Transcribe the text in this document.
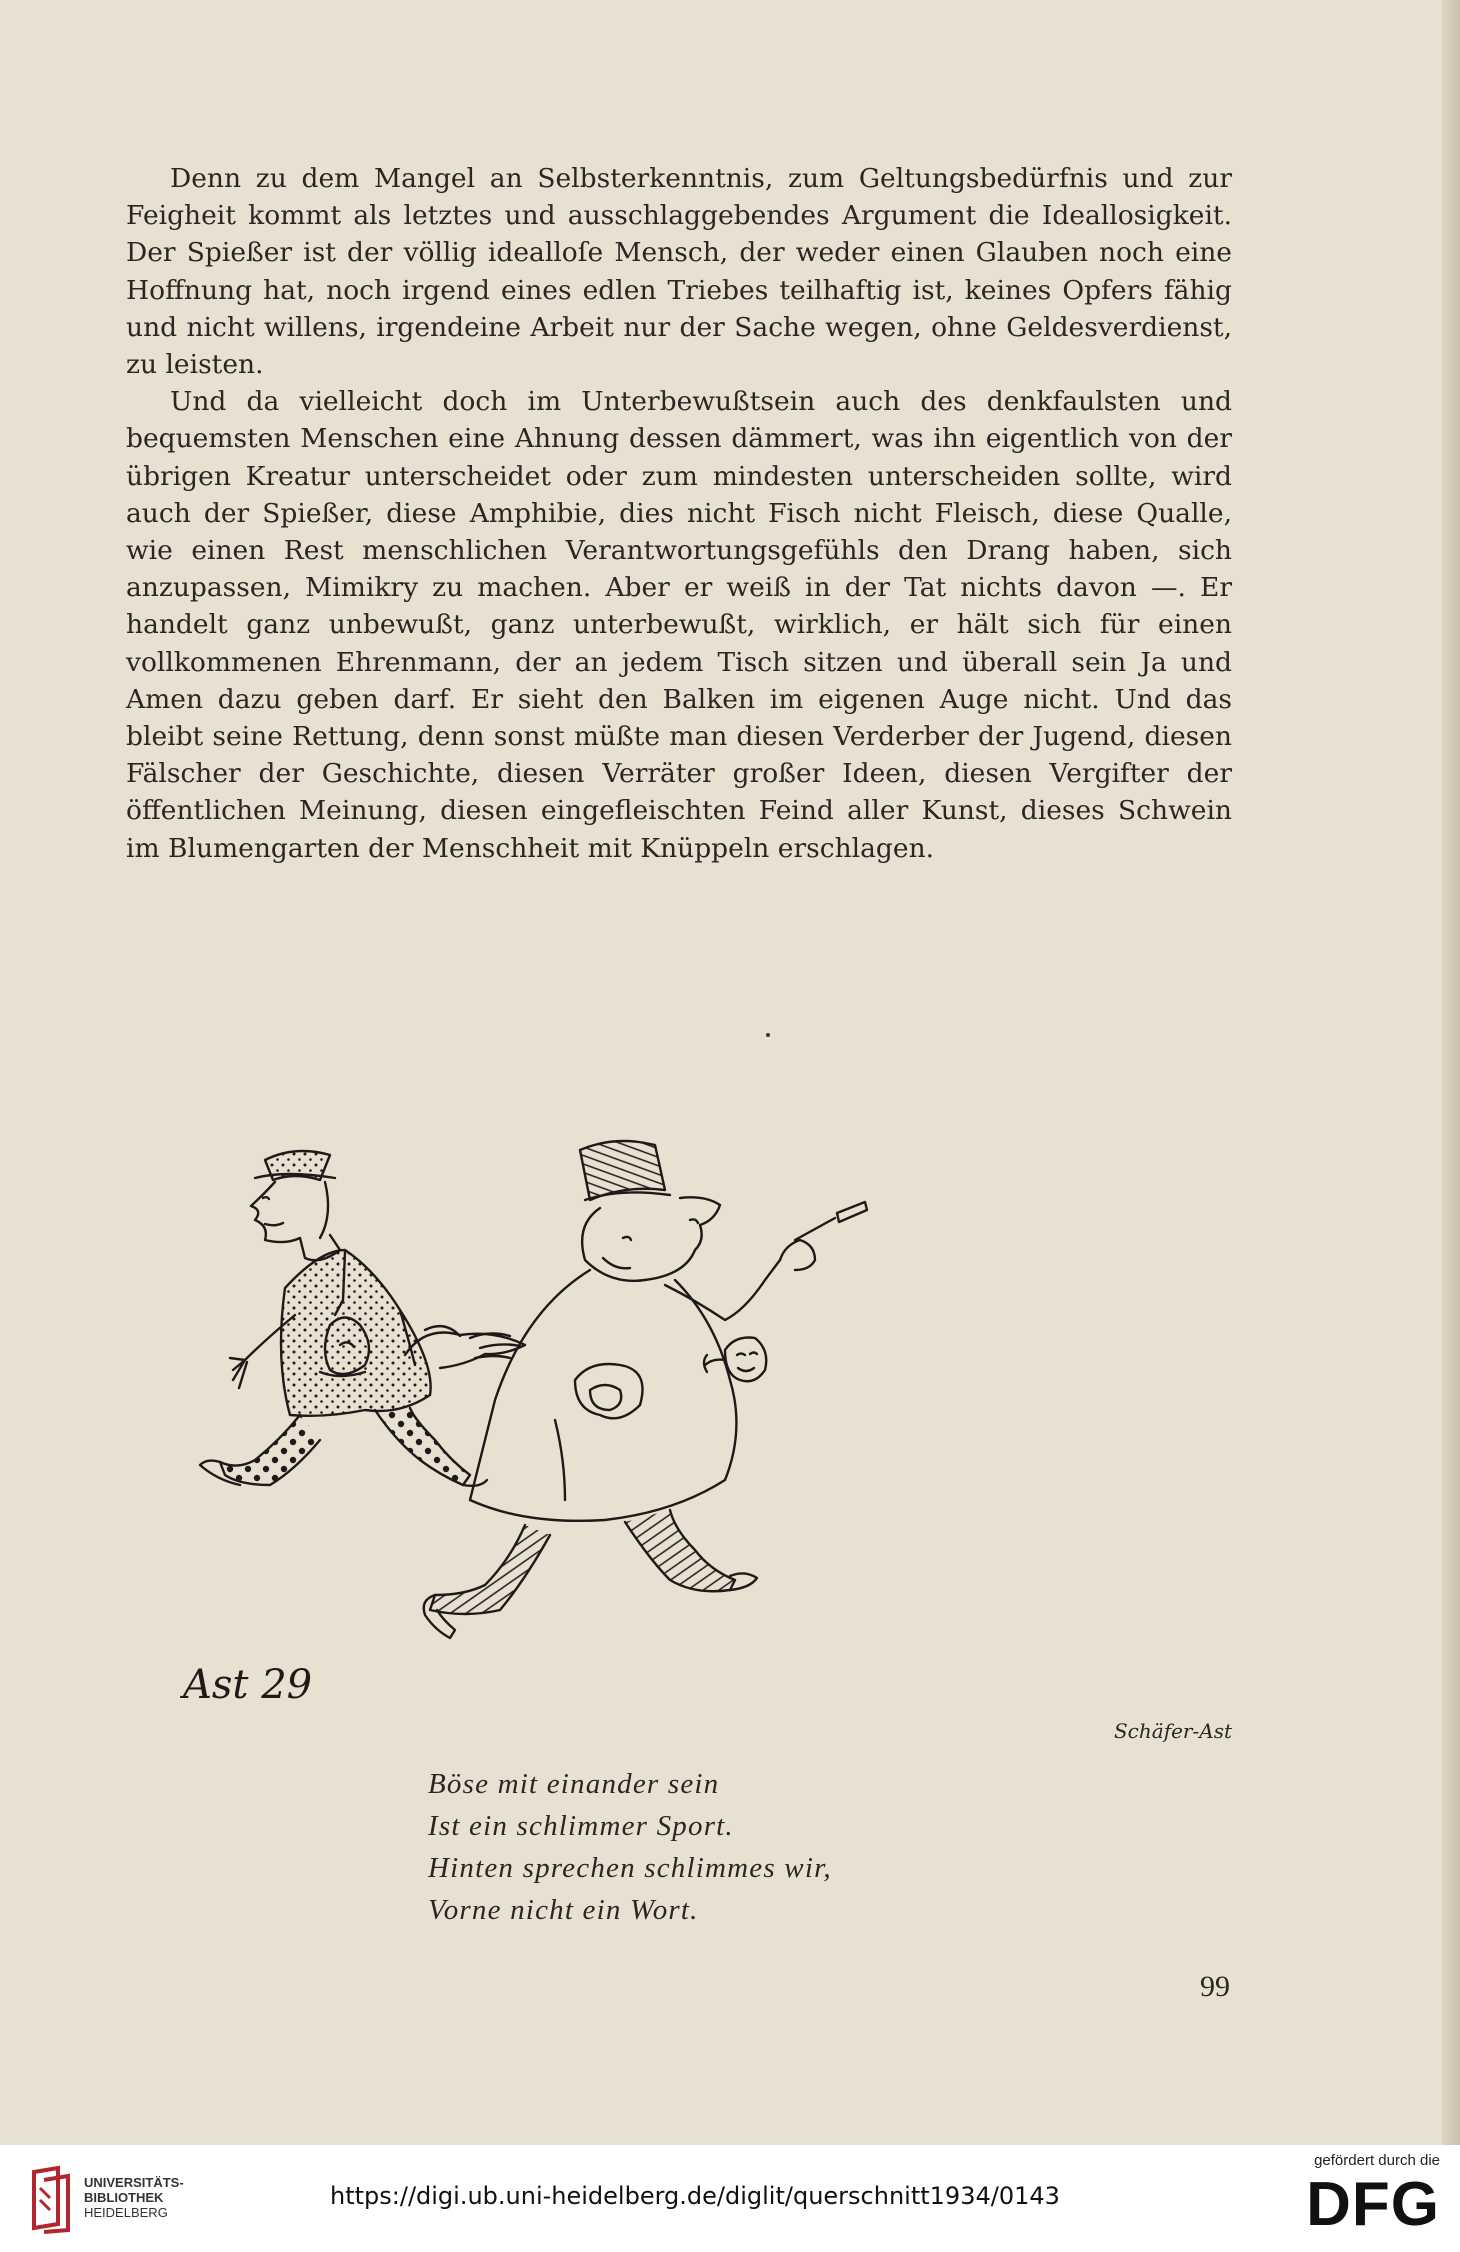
Denn zu dem Mangel an Selbsterkenntnis, zum Geltungsbedürfnis und zur Feigheit kommt als letztes und ausschlaggebendes Argument die Ideallosigkeit. Der Spießer ist der völlig idealloſe Mensch, der weder einen Glauben noch eine Hoffnung hat, noch irgend eines edlen Triebes teilhaftig ist, keines Opfers fähig und nicht willens, irgendeine Arbeit nur der Sache wegen, ohne Geldesverdienst, zu leisten.

Und da vielleicht doch im Unterbewußtsein auch des denkfaulsten und bequemsten Menschen eine Ahnung dessen dämmert, was ihn eigentlich von der übrigen Kreatur unterscheidet oder zum mindesten unterscheiden sollte, wird auch der Spießer, diese Amphibie, dies nicht Fisch nicht Fleisch, diese Qualle, wie einen Rest menschlichen Verantwortungsgefühls den Drang haben, sich anzupassen, Mimikry zu machen. Aber er weiß in der Tat nichts davon —. Er handelt ganz unbewußt, ganz unterbewußt, wirklich, er hält sich für einen vollkommenen Ehrenmann, der an jedem Tisch sitzen und überall sein Ja und Amen dazu geben darf. Er sieht den Balken im eigenen Auge nicht. Und das bleibt seine Rettung, denn sonst müßte man diesen Verderber der Jugend, diesen Fälscher der Geschichte, diesen Verräter großer Ideen, diesen Vergifter der öffentlichen Meinung, diesen eingefleischten Feind aller Kunst, dieses Schwein im Blumengarten der Menschheit mit Knüppeln erschlagen.

Ast 29
Schäfer-Ast
Böse mit einander sein
Ist ein schlimmer Sport.
Hinten sprechen schlimmes wir,
Vorne nicht ein Wort.
99
UNIVERSITÄTS-
BIBLIOTHEK
HEIDELBERG
https://digi.ub.uni-heidelberg.de/diglit/querschnitt1934/0143
gefördert durch die
DFG
